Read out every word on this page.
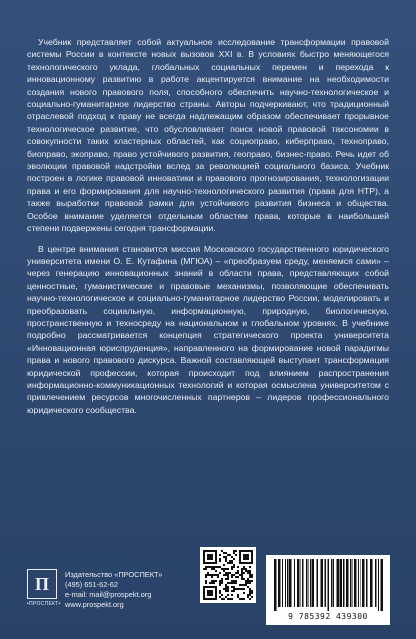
Учебник представляет собой актуальное исследование трансформации правовой системы России в контексте новых вызовов XXI в. В условиях быстро меняющегося технологического уклада, глобальных социальных перемен и перехода к инновационному развитию в работе акцентируется внимание на необходимости создания нового правового поля, способного обеспечить научно-технологическое и социально-гуманитарное лидерство страны. Авторы подчеркивают, что традиционный отраслевой подход к праву не всегда надлежащим образом обеспечивает прорывное технологическое развитие, что обусловливает поиск новой правовой таксономии в совокупности таких кластерных областей, как социоправо, киберправо, техноправо, биоправо, экоправо, право устойчивого развития, геоправо, бизнес-право. Речь идет об эволюции правовой надстройки вслед за революцией социального базиса. Учебник построен в логике правовой инноватики и правового прогнозирования, технологизации права и его формирования для научно-технологического развития (права для НТР), а также выработки правовой рамки для устойчивого развития бизнеса и общества. Особое внимание уделяется отдельным областям права, которые в наибольшей степени подвержены сегодня трансформации.

В центре внимания становится миссия Московского государственного юридического университета имени О. Е. Кутафина (МГЮА) – «преобразуем среду, меняемся сами» – через генерацию инновационных знаний в области права, представляющих собой ценностные, гуманистические и правовые механизмы, позволяющие обеспечивать научно-технологическое и социально-гуманитарное лидерство России, моделировать и преобразовать социальную, информационную, природную, биологическую, пространственную и техносреду на национальном и глобальном уровнях. В учебнике подробно рассматривается концепция стратегического проекта университета «Инновационная юриспруденция», направленного на формирование новой парадигмы права и нового правового дискурса. Важной составляющей выступает трансформация юридической профессии, которая происходит под влиянием распространения информационно-коммуникационных технологий и которая осмыслена университетом с привлечением ресурсов многочисленных партнеров – лидеров профессионального юридического сообщества.

П
•ПРОСПЕКТ•
Издательство «ПРОСПЕКТ»
(495) 651-62-62
e-mail: mail@prospekt.org
www.prospekt.org
9 785392 439300
